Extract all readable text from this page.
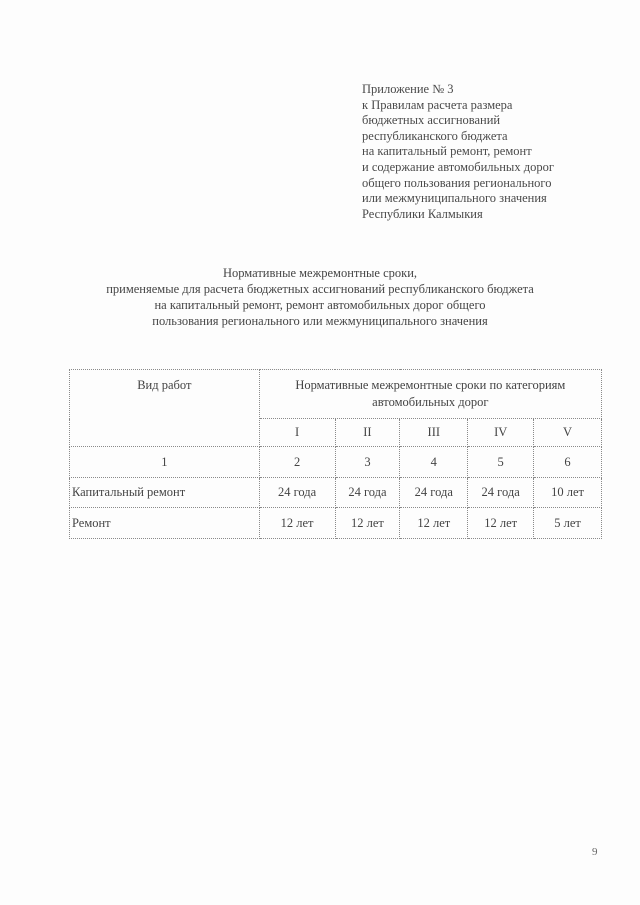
Приложение № 3
к Правилам расчета размера
бюджетных ассигнований
республиканского бюджета
на капитальный ремонт, ремонт
и содержание автомобильных дорог
общего пользования регионального
или межмуниципального значения
Республики Калмыкия
Нормативные межремонтные сроки,
применяемые для расчета бюджетных ассигнований республиканского бюджета
на капитальный ремонт, ремонт автомобильных дорог общего
пользования регионального или межмуниципального значения
Вид работ	Нормативные межремонтные сроки по категориям автомобильных дорог				
	I	II	III	IV	V
1	2	3	4	5	6
Капитальный ремонт	24 года	24 года	24 года	24 года	10 лет
Ремонт	12 лет	12 лет	12 лет	12 лет	5 лет
9
